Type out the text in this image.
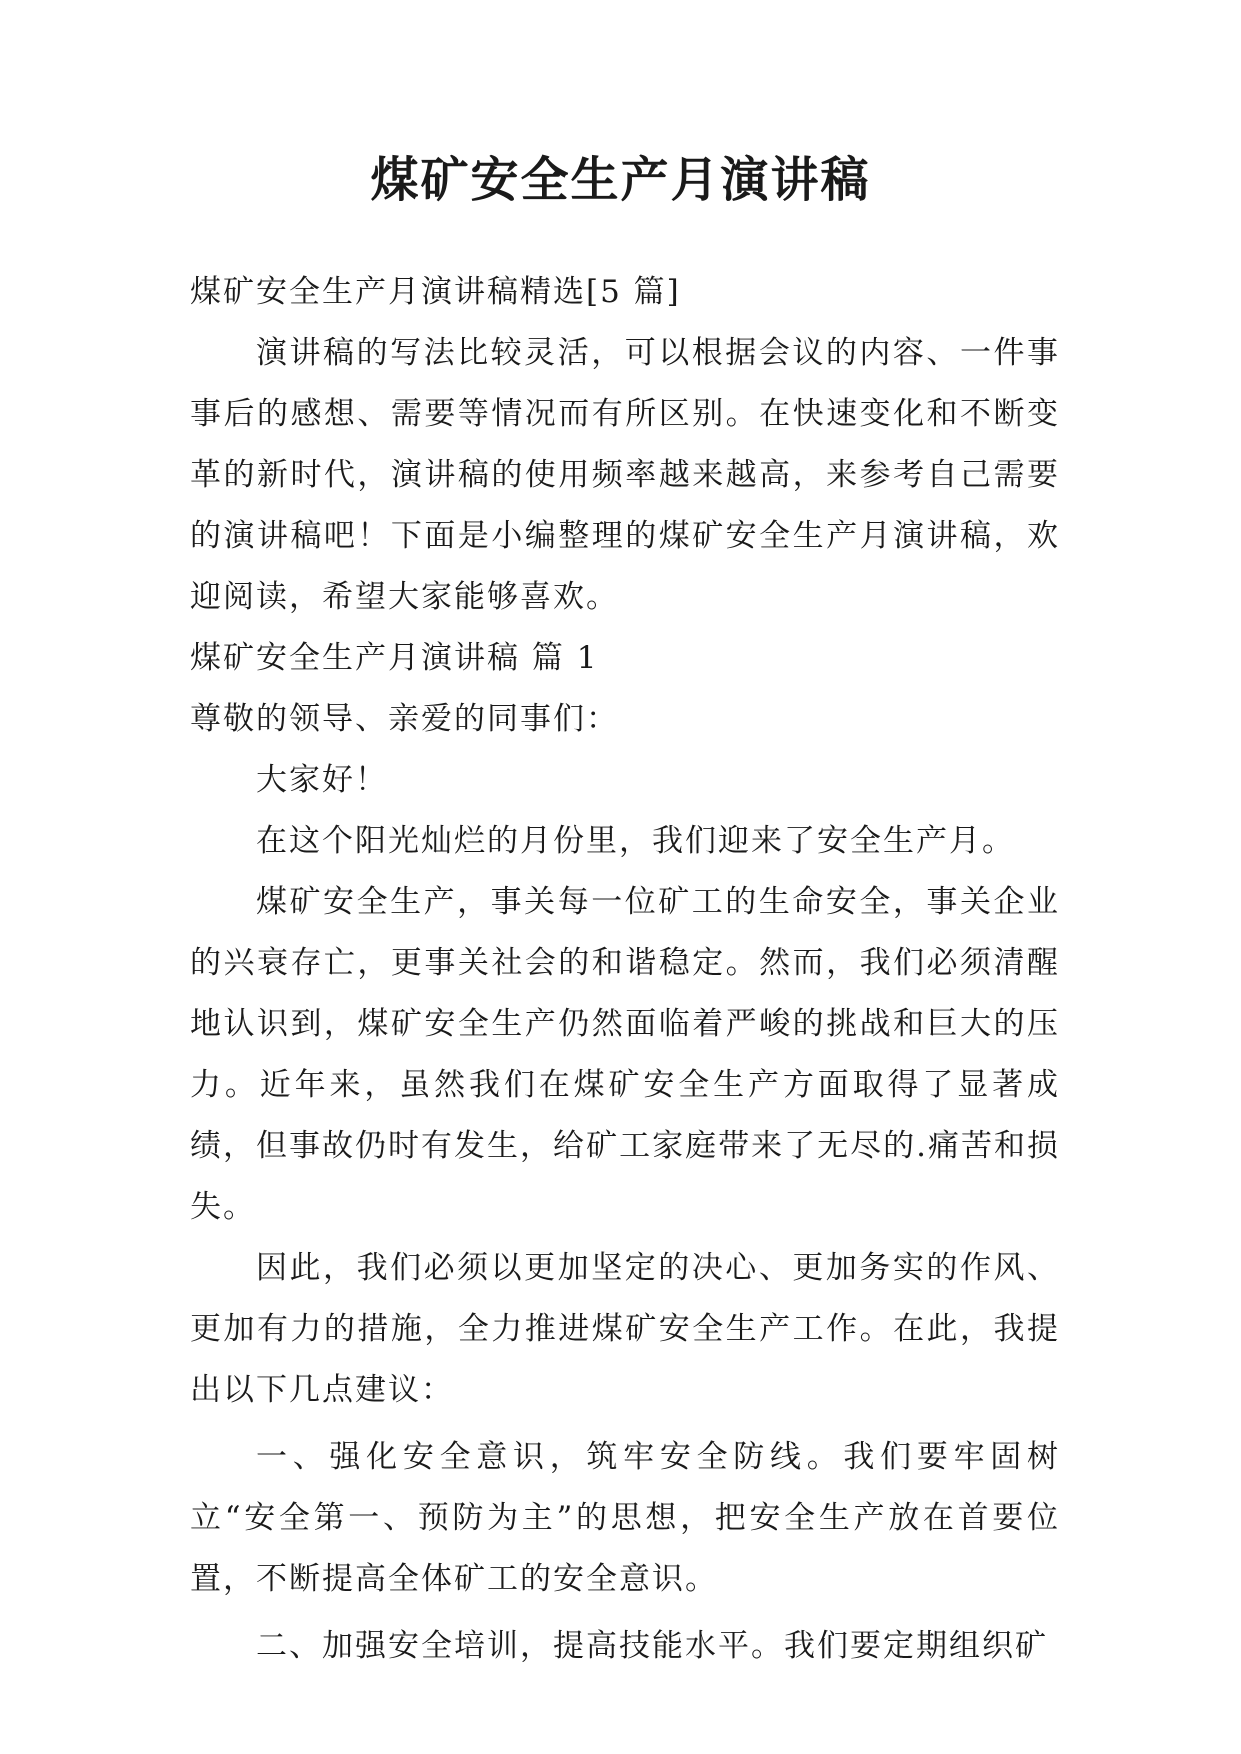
煤矿安全生产月演讲稿

煤矿安全生产月演讲稿精选[5 篇]

演讲稿的写法比较灵活，可以根据会议的内容、一件事事后的感想、需要等情况而有所区别。在快速变化和不断变革的新时代，演讲稿的使用频率越来越高，来参考自己需要的演讲稿吧！下面是小编整理的煤矿安全生产月演讲稿，欢迎阅读，希望大家能够喜欢。

煤矿安全生产月演讲稿 篇 1

尊敬的领导、亲爱的同事们：

大家好！

在这个阳光灿烂的月份里，我们迎来了安全生产月。

煤矿安全生产，事关每一位矿工的生命安全，事关企业的兴衰存亡，更事关社会的和谐稳定。然而，我们必须清醒地认识到，煤矿安全生产仍然面临着严峻的挑战和巨大的压力。近年来，虽然我们在煤矿安全生产方面取得了显著成绩，但事故仍时有发生，给矿工家庭带来了无尽的.痛苦和损失。

因此，我们必须以更加坚定的决心、更加务实的作风、更加有力的措施，全力推进煤矿安全生产工作。在此，我提出以下几点建议：

一、强化安全意识，筑牢安全防线。我们要牢固树立“安全第一、预防为主”的思想，把安全生产放在首要位置，不断提高全体矿工的安全意识。

二、加强安全培训，提高技能水平。我们要定期组织矿
